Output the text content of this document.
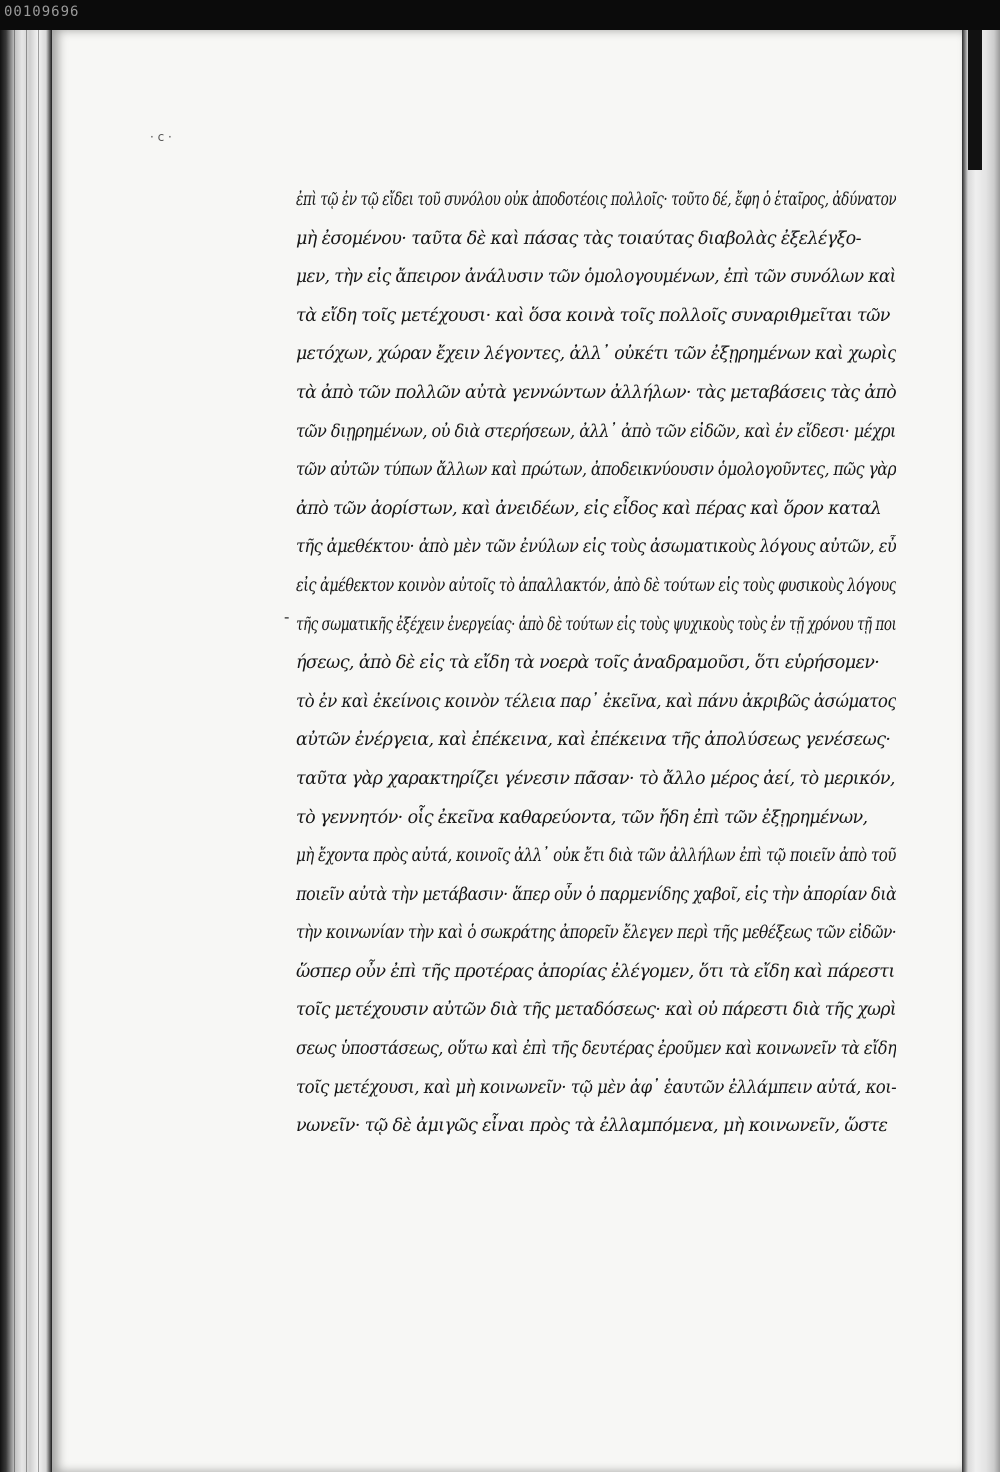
00109696

· c ·

-

ἐπὶ τῷ ἐν τῷ εἴδει τοῦ συνόλου οὐκ ἀποδοτέοις πολλοῖς· τοῦτο δέ, ἔφη ὁ ἑταῖρος, ἀδύνατον
μὴ ἐσομένου· ταῦτα δὲ καὶ πάσας τὰς τοιαύτας διαβολὰς ἐξελέγξο-
μεν, τὴν εἰς ἄπειρον ἀνάλυσιν τῶν ὁμολογουμένων, ἐπὶ τῶν συνόλων καὶ
τὰ εἴδη τοῖς μετέχουσι· καὶ ὅσα κοινὰ τοῖς πολλοῖς συναριθμεῖται τῶν
μετόχων, χώραν ἔχειν λέγοντες, ἀλλ᾽ οὐκέτι τῶν ἐξῃρημένων καὶ χωρὶς
τὰ ἀπὸ τῶν πολλῶν αὐτὰ γεννώντων ἀλλήλων· τὰς μεταβάσεις τὰς ἀπὸ
τῶν διῃρημένων, οὐ διὰ στερήσεων, ἀλλ᾽ ἀπὸ τῶν εἰδῶν, καὶ ἐν εἴδεσι· μέχρι
τῶν αὐτῶν τύπων ἄλλων καὶ πρώτων, ἀποδεικνύουσιν ὁμολογοῦντες, πῶς γὰρ
ἀπὸ τῶν ἀορίστων, καὶ ἀνειδέων, εἰς εἶδος καὶ πέρας καὶ ὅρον καταλ
τῆς ἀμεθέκτου· ἀπὸ μὲν τῶν ἐνύλων εἰς τοὺς ἀσωματικοὺς λόγους αὐτῶν, εὖ
εἰς ἀμέθεκτον κοινὸν αὐτοῖς τὸ ἀπαλλακτόν, ἀπὸ δὲ τούτων εἰς τοὺς φυσικοὺς λόγους
τῆς σωματικῆς ἐξέχειν ἐνεργείας· ἀπὸ δὲ τούτων εἰς τοὺς ψυχικοὺς τοὺς ἐν τῇ χρόνου τῇ ποι
ήσεως, ἀπὸ δὲ εἰς τὰ εἴδη τὰ νοερὰ τοῖς ἀναδραμοῦσι, ὅτι εὑρήσομεν·
τὸ ἐν καὶ ἐκείνοις κοινὸν τέλεια παρ᾽ ἐκεῖνα, καὶ πάνυ ἀκριβῶς ἀσώματος
αὐτῶν ἐνέργεια, καὶ ἐπέκεινα, καὶ ἐπέκεινα τῆς ἀπολύσεως γενέσεως·
ταῦτα γὰρ χαρακτηρίζει γένεσιν πᾶσαν· τὸ ἄλλο μέρος ἀεί, τὸ μερικόν,
τὸ γεννητόν· οἷς ἐκεῖνα καθαρεύοντα, τῶν ἤδη ἐπὶ τῶν ἐξῃρημένων,
μὴ ἔχοντα πρὸς αὐτά, κοινοῖς ἀλλ᾽ οὐκ ἔτι διὰ τῶν ἀλλήλων ἐπὶ τῷ ποιεῖν ἀπὸ τοῦ
ποιεῖν αὐτὰ τὴν μετάβασιν· ἅπερ οὖν ὁ παρμενίδης χαβοῖ, εἰς τὴν ἀπορίαν διὰ
τὴν κοινωνίαν τὴν καὶ ὁ σωκράτης ἀπορεῖν ἔλεγεν περὶ τῆς μεθέξεως τῶν εἰδῶν·
ὥσπερ οὖν ἐπὶ τῆς προτέρας ἀπορίας ἐλέγομεν, ὅτι τὰ εἴδη καὶ πάρεστι
τοῖς μετέχουσιν αὐτῶν διὰ τῆς μεταδόσεως· καὶ οὐ πάρεστι διὰ τῆς χωρὶ
σεως ὑποστάσεως, οὕτω καὶ ἐπὶ τῆς δευτέρας ἐροῦμεν καὶ κοινωνεῖν τὰ εἴδη
τοῖς μετέχουσι, καὶ μὴ κοινωνεῖν· τῷ μὲν ἀφ᾽ ἑαυτῶν ἐλλάμπειν αὐτά, κοι-
νωνεῖν· τῷ δὲ ἀμιγῶς εἶναι πρὸς τὰ ἐλλαμπόμενα, μὴ κοινωνεῖν, ὥστε
